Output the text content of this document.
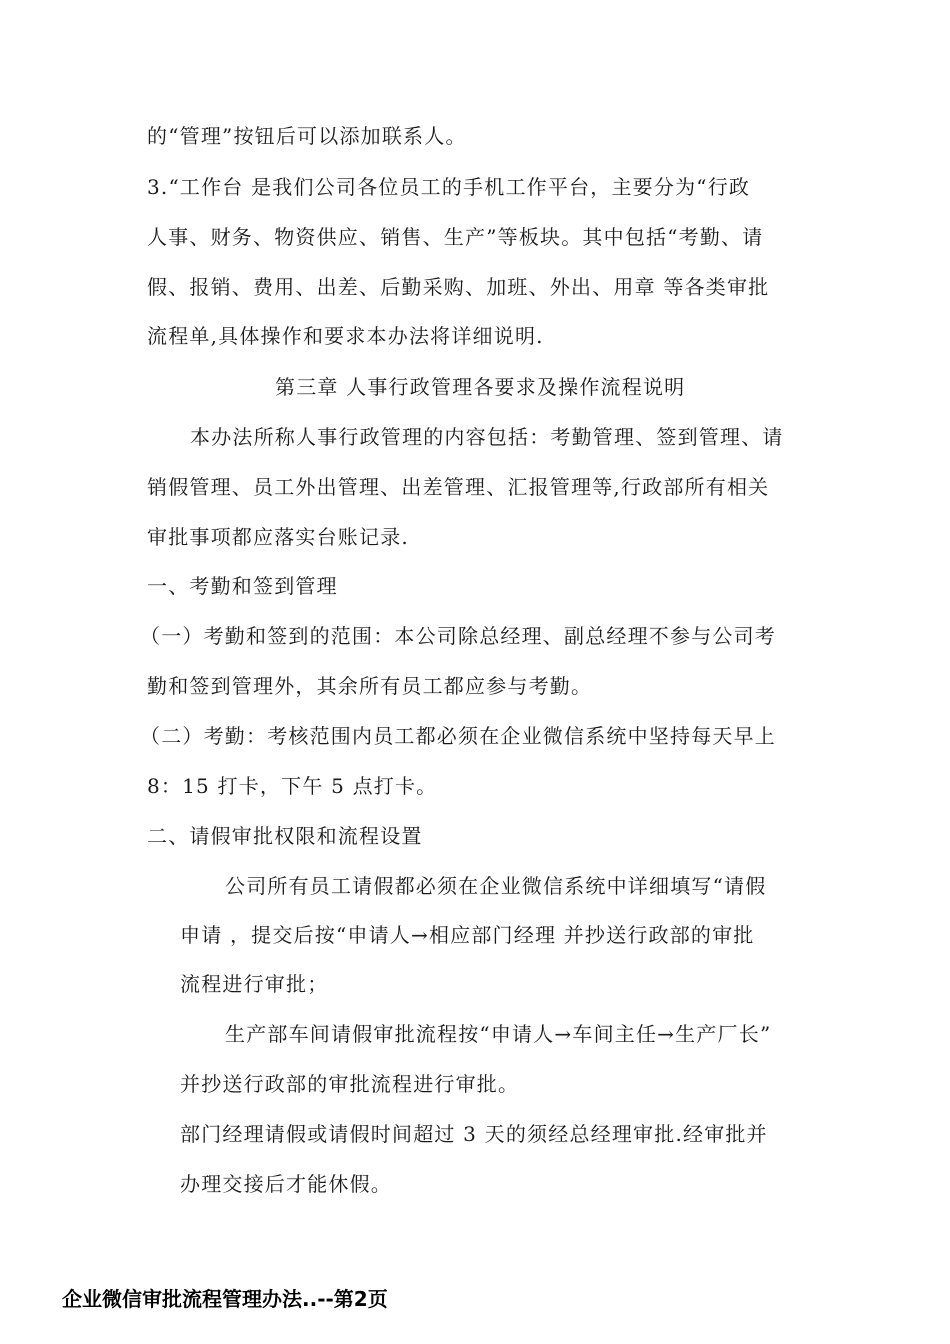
的“管理”按钮后可以添加联系人。
3.“工作台 是我们公司各位员工的手机工作平台，主要分为“行政
人事、财务、物资供应、销售、生产”等板块。其中包括“考勤、请
假、报销、费用、出差、后勤采购、加班、外出、用章 等各类审批
流程单,具体操作和要求本办法将详细说明.
第三章 人事行政管理各要求及操作流程说明
本办法所称人事行政管理的内容包括：考勤管理、签到管理、请
销假管理、员工外出管理、出差管理、汇报管理等,行政部所有相关
审批事项都应落实台账记录.
一、考勤和签到管理
（一）考勤和签到的范围：本公司除总经理、副总经理不参与公司考
勤和签到管理外，其余所有员工都应参与考勤。
（二）考勤：考核范围内员工都必须在企业微信系统中坚持每天早上
8：15 打卡，下午 5 点打卡。
二、请假审批权限和流程设置
公司所有员工请假都必须在企业微信系统中详细填写“请假
申请 ，提交后按“申请人→相应部门经理 并抄送行政部的审批
流程进行审批；
生产部车间请假审批流程按“申请人→车间主任→生产厂长”
并抄送行政部的审批流程进行审批。
部门经理请假或请假时间超过 3 天的须经总经理审批.经审批并
办理交接后才能休假。
企业微信审批流程管理办法..--第2页
